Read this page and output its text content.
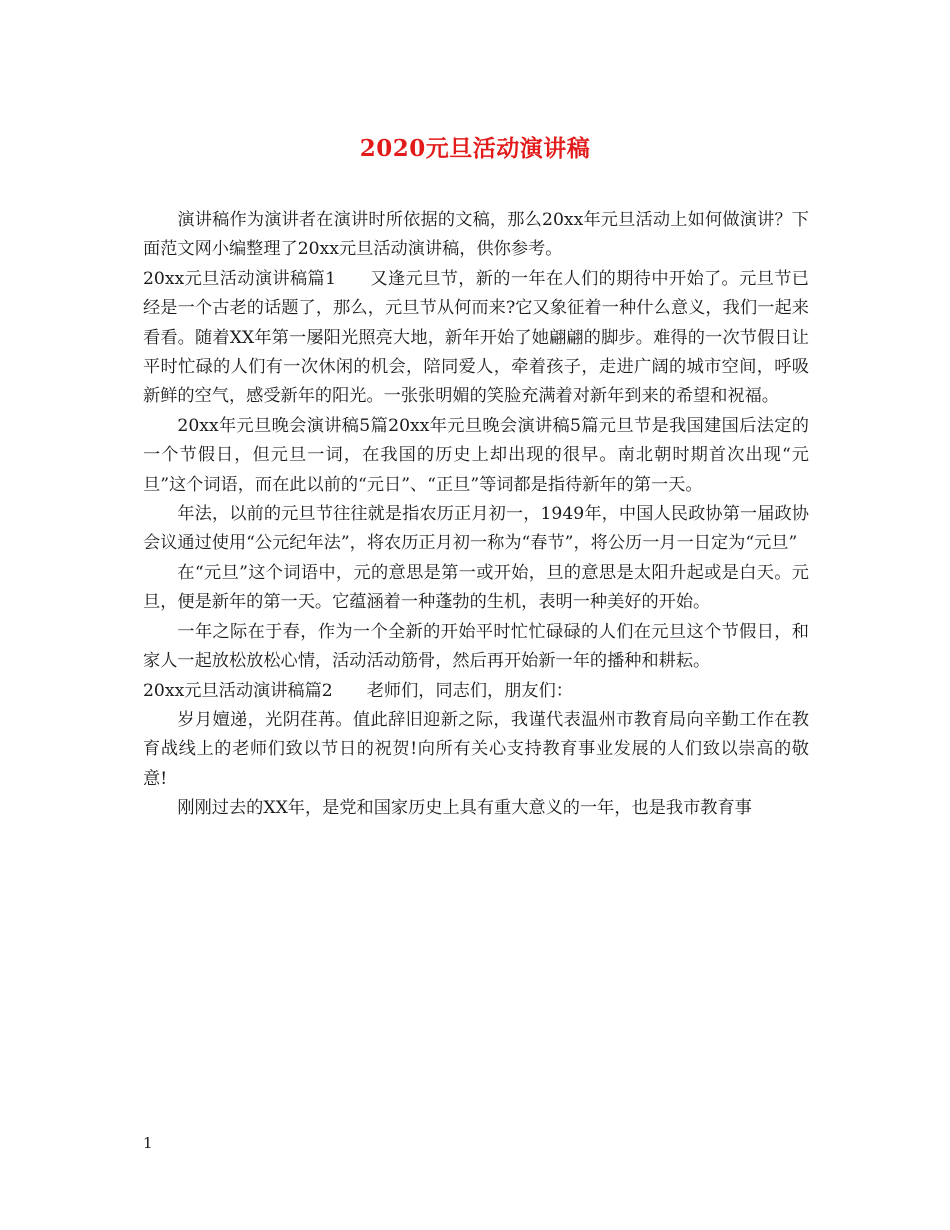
2020元旦活动演讲稿

演讲稿作为演讲者在演讲时所依据的文稿，那么20xx年元旦活动上如何做演讲？下面范文网小编整理了20xx元旦活动演讲稿，供你参考。

20xx元旦活动演讲稿篇1 又逢元旦节，新的一年在人们的期待中开始了。元旦节已经是一个古老的话题了，那么，元旦节从何而来?它又象征着一种什么意义，我们一起来看看。随着XX年第一屡阳光照亮大地，新年开始了她翩翩的脚步。难得的一次节假日让平时忙碌的人们有一次休闲的机会，陪同爱人，牵着孩子，走进广阔的城市空间，呼吸新鲜的空气，感受新年的阳光。一张张明媚的笑脸充满着对新年到来的希望和祝福。

20xx年元旦晚会演讲稿5篇20xx年元旦晚会演讲稿5篇元旦节是我国建国后法定的一个节假日，但元旦一词，在我国的历史上却出现的很早。南北朝时期首次出现“元旦”这个词语，而在此以前的“元日”、“正旦”等词都是指待新年的第一天。

年法，以前的元旦节往往就是指农历正月初一，1949年，中国人民政协第一届政协会议通过使用“公元纪年法”，将农历正月初一称为“春节”，将公历一月一日定为“元旦”

在“元旦”这个词语中，元的意思是第一或开始，旦的意思是太阳升起或是白天。元旦，便是新年的第一天。它蕴涵着一种蓬勃的生机，表明一种美好的开始。

一年之际在于春，作为一个全新的开始平时忙忙碌碌的人们在元旦这个节假日，和家人一起放松放松心情，活动活动筋骨，然后再开始新一年的播种和耕耘。

20xx元旦活动演讲稿篇2 老师们，同志们，朋友们：

岁月嬗递，光阴荏苒。值此辞旧迎新之际，我谨代表温州市教育局向辛勤工作在教育战线上的老师们致以节日的祝贺!向所有关心支持教育事业发展的人们致以崇高的敬意!

刚刚过去的XX年，是党和国家历史上具有重大意义的一年，也是我市教育事

1
